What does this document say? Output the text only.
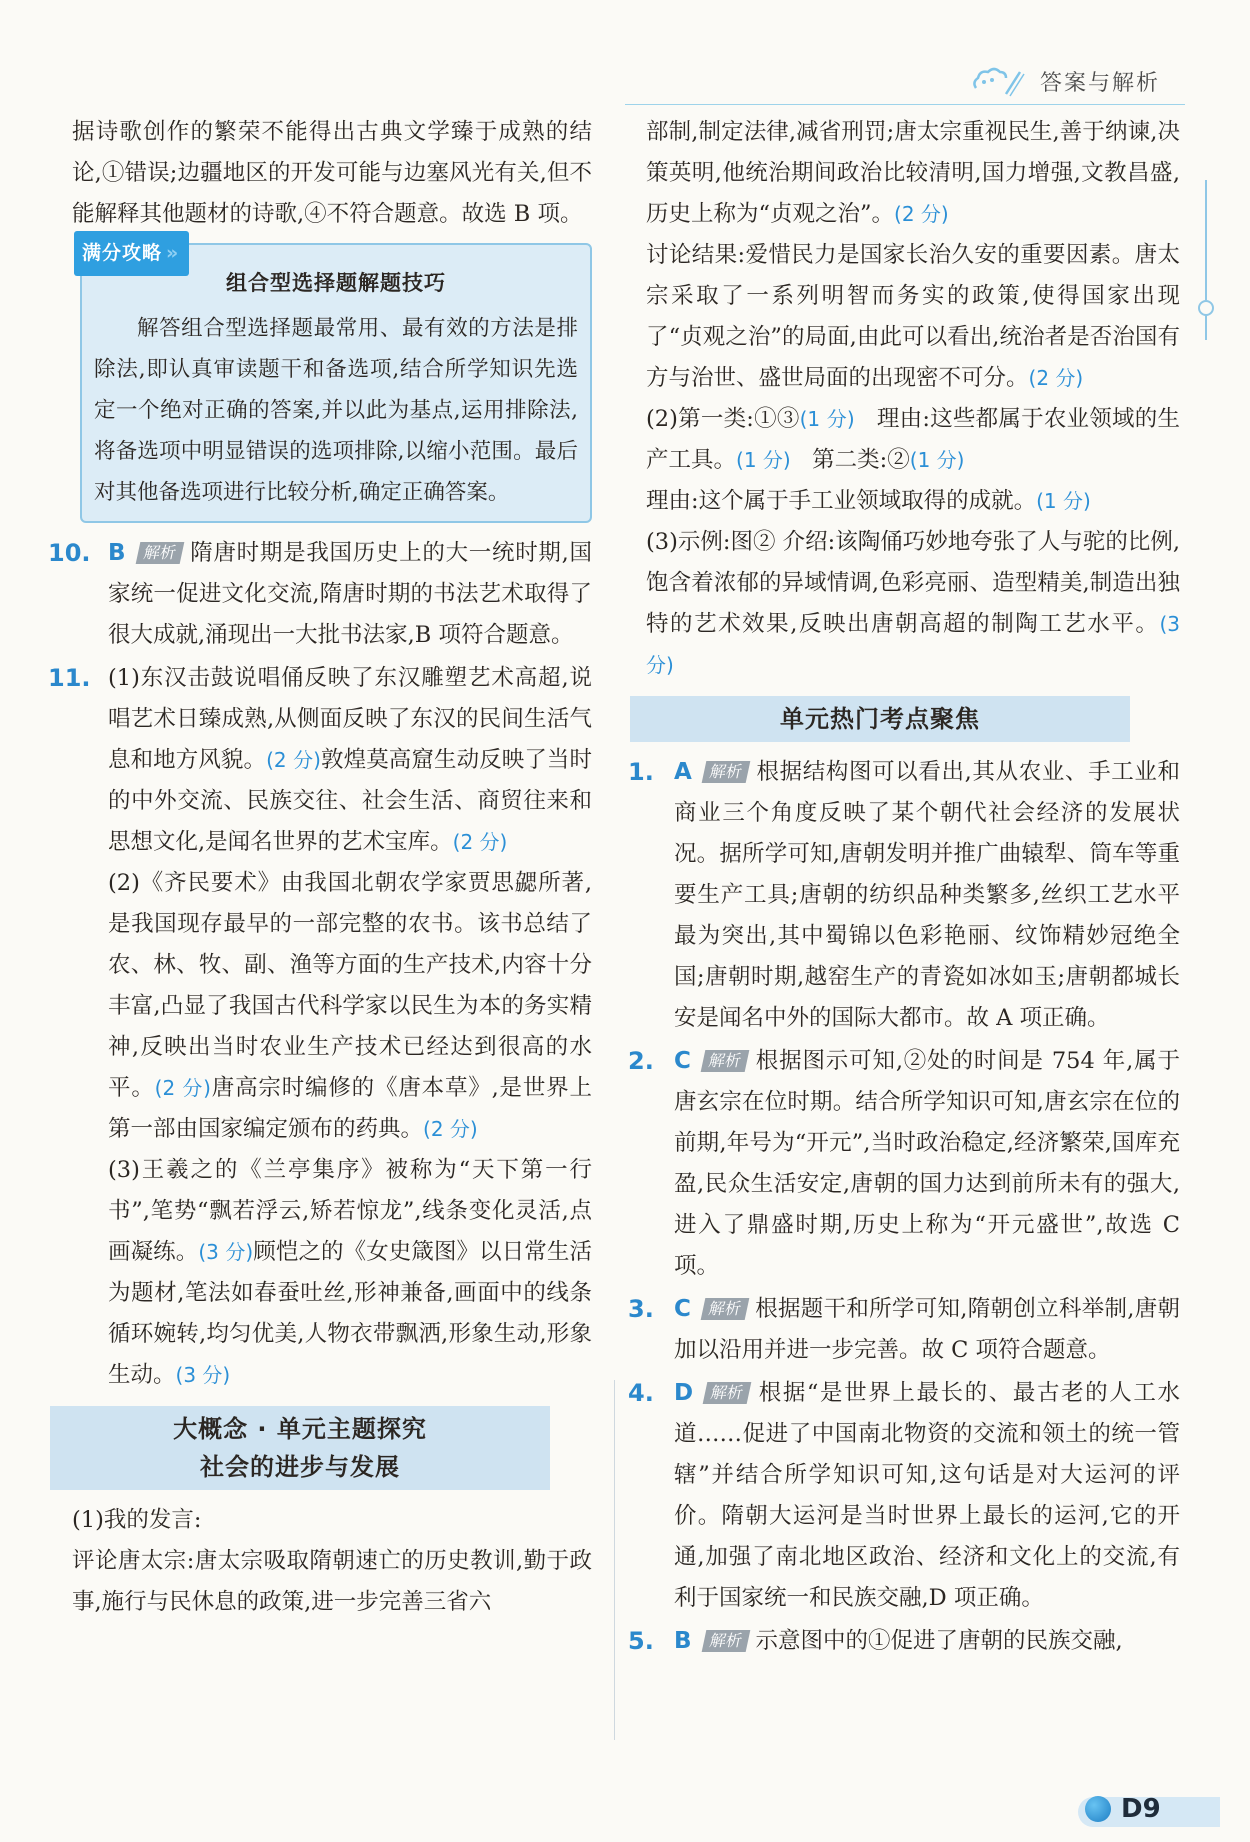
答案与解析

据诗歌创作的繁荣不能得出古典文学臻于成熟的结论,①错误;边疆地区的开发可能与边塞风光有关,但不能解释其他题材的诗歌,④不符合题意。故选 B 项。

满分攻略 »
组合型选择题解题技巧

解答组合型选择题最常用、最有效的方法是排除法,即认真审读题干和备选项,结合所学知识先选定一个绝对正确的答案,并以此为基点,运用排除法,将备选项中明显错误的选项排除,以缩小范围。最后对其他备选项进行比较分析,确定正确答案。

10. B 解析 隋唐时期是我国历史上的大一统时期,国家统一促进文化交流,隋唐时期的书法艺术取得了很大成就,涌现出一大批书法家,B 项符合题意。

11. (1)东汉击鼓说唱俑反映了东汉雕塑艺术高超,说唱艺术日臻成熟,从侧面反映了东汉的民间生活气息和地方风貌。(2 分)敦煌莫高窟生动反映了当时的中外交流、民族交往、社会生活、商贸往来和思想文化,是闻名世界的艺术宝库。(2 分)

(2)《齐民要术》由我国北朝农学家贾思勰所著,是我国现存最早的一部完整的农书。该书总结了农、林、牧、副、渔等方面的生产技术,内容十分丰富,凸显了我国古代科学家以民生为本的务实精神,反映出当时农业生产技术已经达到很高的水平。(2 分)唐高宗时编修的《唐本草》,是世界上第一部由国家编定颁布的药典。(2 分)

(3)王羲之的《兰亭集序》被称为“天下第一行书”,笔势“飘若浮云,矫若惊龙”,线条变化灵活,点画凝练。(3 分)顾恺之的《女史箴图》以日常生活为题材,笔法如春蚕吐丝,形神兼备,画面中的线条循环婉转,均匀优美,人物衣带飘洒,形象生动,形象生动。(3 分)

大概念 · 单元主题探究
社会的进步与发展

(1)我的发言:

评论唐太宗:唐太宗吸取隋朝速亡的历史教训,勤于政事,施行与民休息的政策,进一步完善三省六

部制,制定法律,减省刑罚;唐太宗重视民生,善于纳谏,决策英明,他统治期间政治比较清明,国力增强,文教昌盛,历史上称为“贞观之治”。(2 分)

讨论结果:爱惜民力是国家长治久安的重要因素。唐太宗采取了一系列明智而务实的政策,使得国家出现了“贞观之治”的局面,由此可以看出,统治者是否治国有方与治世、盛世局面的出现密不可分。(2 分)

(2)第一类:①③(1 分) 理由:这些都属于农业领域的生产工具。(1 分) 第二类:②(1 分)

理由:这个属于手工业领域取得的成就。(1 分)

(3)示例:图② 介绍:该陶俑巧妙地夸张了人与驼的比例,饱含着浓郁的异域情调,色彩亮丽、造型精美,制造出独特的艺术效果,反映出唐朝高超的制陶工艺水平。(3 分)

单元热门考点聚焦
1. A 解析 根据结构图可以看出,其从农业、手工业和商业三个角度反映了某个朝代社会经济的发展状况。据所学可知,唐朝发明并推广曲辕犁、筒车等重要生产工具;唐朝的纺织品种类繁多,丝织工艺水平最为突出,其中蜀锦以色彩艳丽、纹饰精妙冠绝全国;唐朝时期,越窑生产的青瓷如冰如玉;唐朝都城长安是闻名中外的国际大都市。故 A 项正确。

2. C 解析 根据图示可知,②处的时间是 754 年,属于唐玄宗在位时期。结合所学知识可知,唐玄宗在位的前期,年号为“开元”,当时政治稳定,经济繁荣,国库充盈,民众生活安定,唐朝的国力达到前所未有的强大,进入了鼎盛时期,历史上称为“开元盛世”,故选 C 项。

3. C 解析 根据题干和所学可知,隋朝创立科举制,唐朝加以沿用并进一步完善。故 C 项符合题意。

4. D 解析 根据“是世界上最长的、最古老的人工水道……促进了中国南北物资的交流和领土的统一管辖”并结合所学知识可知,这句话是对大运河的评价。隋朝大运河是当时世界上最长的运河,它的开通,加强了南北地区政治、经济和文化上的交流,有利于国家统一和民族交融,D 项正确。

5. B 解析 示意图中的①促进了唐朝的民族交融,

D9
